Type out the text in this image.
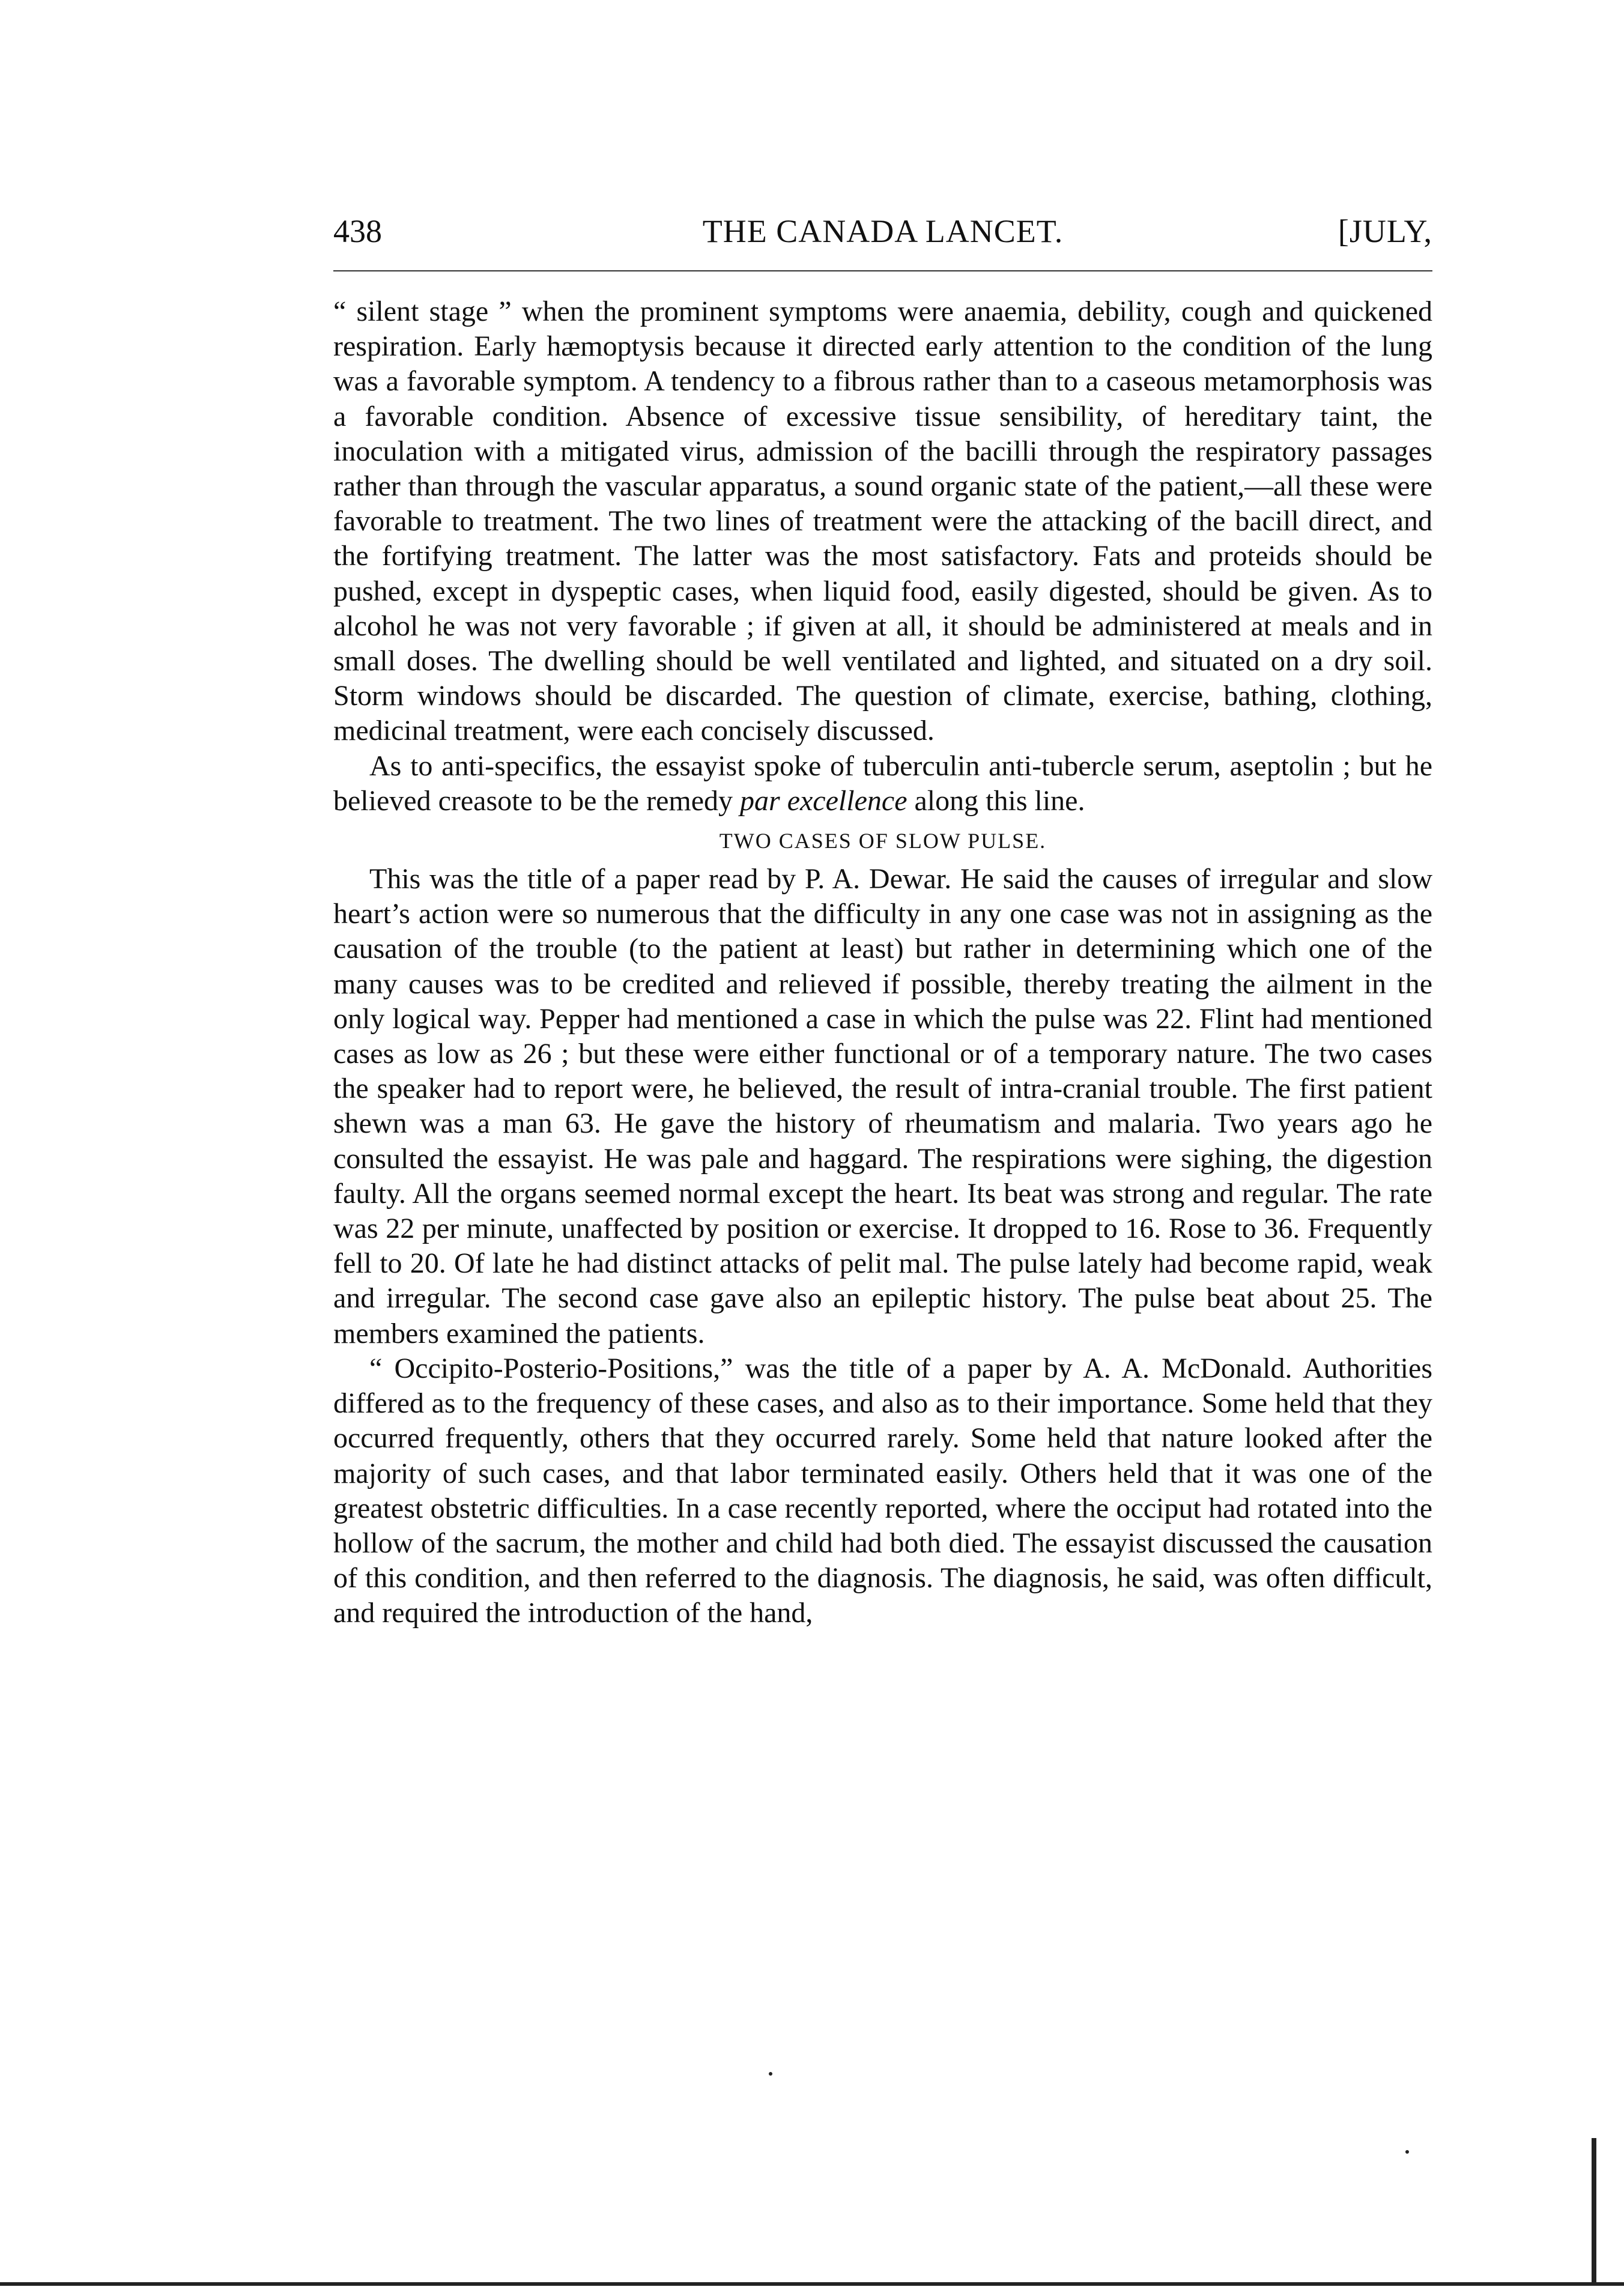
438	THE CANADA LANCET.	[JULY,

“ silent stage ” when the prominent symptoms were anaemia, debility, cough and quickened respiration. Early hæmoptysis because it directed early attention to the condition of the lung was a favorable symptom. A tendency to a fibrous rather than to a caseous metamorphosis was a favorable condition. Absence of excessive tissue sensibility, of hereditary taint, the inoculation with a mitigated virus, admission of the bacilli through the respiratory passages rather than through the vascular apparatus, a sound organic state of the patient,—all these were favorable to treatment. The two lines of treatment were the attacking of the bacill direct, and the fortifying treatment. The latter was the most satisfactory. Fats and proteids should be pushed, except in dyspeptic cases, when liquid food, easily digested, should be given. As to alcohol he was not very favorable ; if given at all, it should be administered at meals and in small doses. The dwelling should be well ventilated and lighted, and situated on a dry soil. Storm windows should be discarded. The question of climate, exercise, bathing, clothing, medicinal treatment, were each concisely discussed.

As to anti-specifics, the essayist spoke of tuberculin anti-tubercle serum, aseptolin ; but he believed creasote to be the remedy par excellence along this line.

TWO CASES OF SLOW PULSE.

This was the title of a paper read by P. A. Dewar. He said the causes of irregular and slow heart’s action were so numerous that the difficulty in any one case was not in assigning as the causation of the trouble (to the patient at least) but rather in determining which one of the many causes was to be credited and relieved if possible, thereby treating the ailment in the only logical way. Pepper had mentioned a case in which the pulse was 22. Flint had mentioned cases as low as 26 ; but these were either functional or of a temporary nature. The two cases the speaker had to report were, he believed, the result of intra-cranial trouble. The first patient shewn was a man 63. He gave the history of rheumatism and malaria. Two years ago he consulted the essayist. He was pale and haggard. The respirations were sighing, the digestion faulty. All the organs seemed normal except the heart. Its beat was strong and regular. The rate was 22 per minute, unaffected by position or exercise. It dropped to 16. Rose to 36. Frequently fell to 20. Of late he had distinct attacks of pelit mal. The pulse lately had become rapid, weak and irregular. The second case gave also an epileptic history. The pulse beat about 25. The members examined the patients.

“ Occipito-Posterio-Positions,” was the title of a paper by A. A. McDonald. Authorities differed as to the frequency of these cases, and also as to their importance. Some held that they occurred frequently, others that they occurred rarely. Some held that nature looked after the majority of such cases, and that labor terminated easily. Others held that it was one of the greatest obstetric difficulties. In a case recently reported, where the occiput had rotated into the hollow of the sacrum, the mother and child had both died. The essayist discussed the causation of this condition, and then referred to the diagnosis. The diagnosis, he said, was often difficult, and required the introduction of the hand,
